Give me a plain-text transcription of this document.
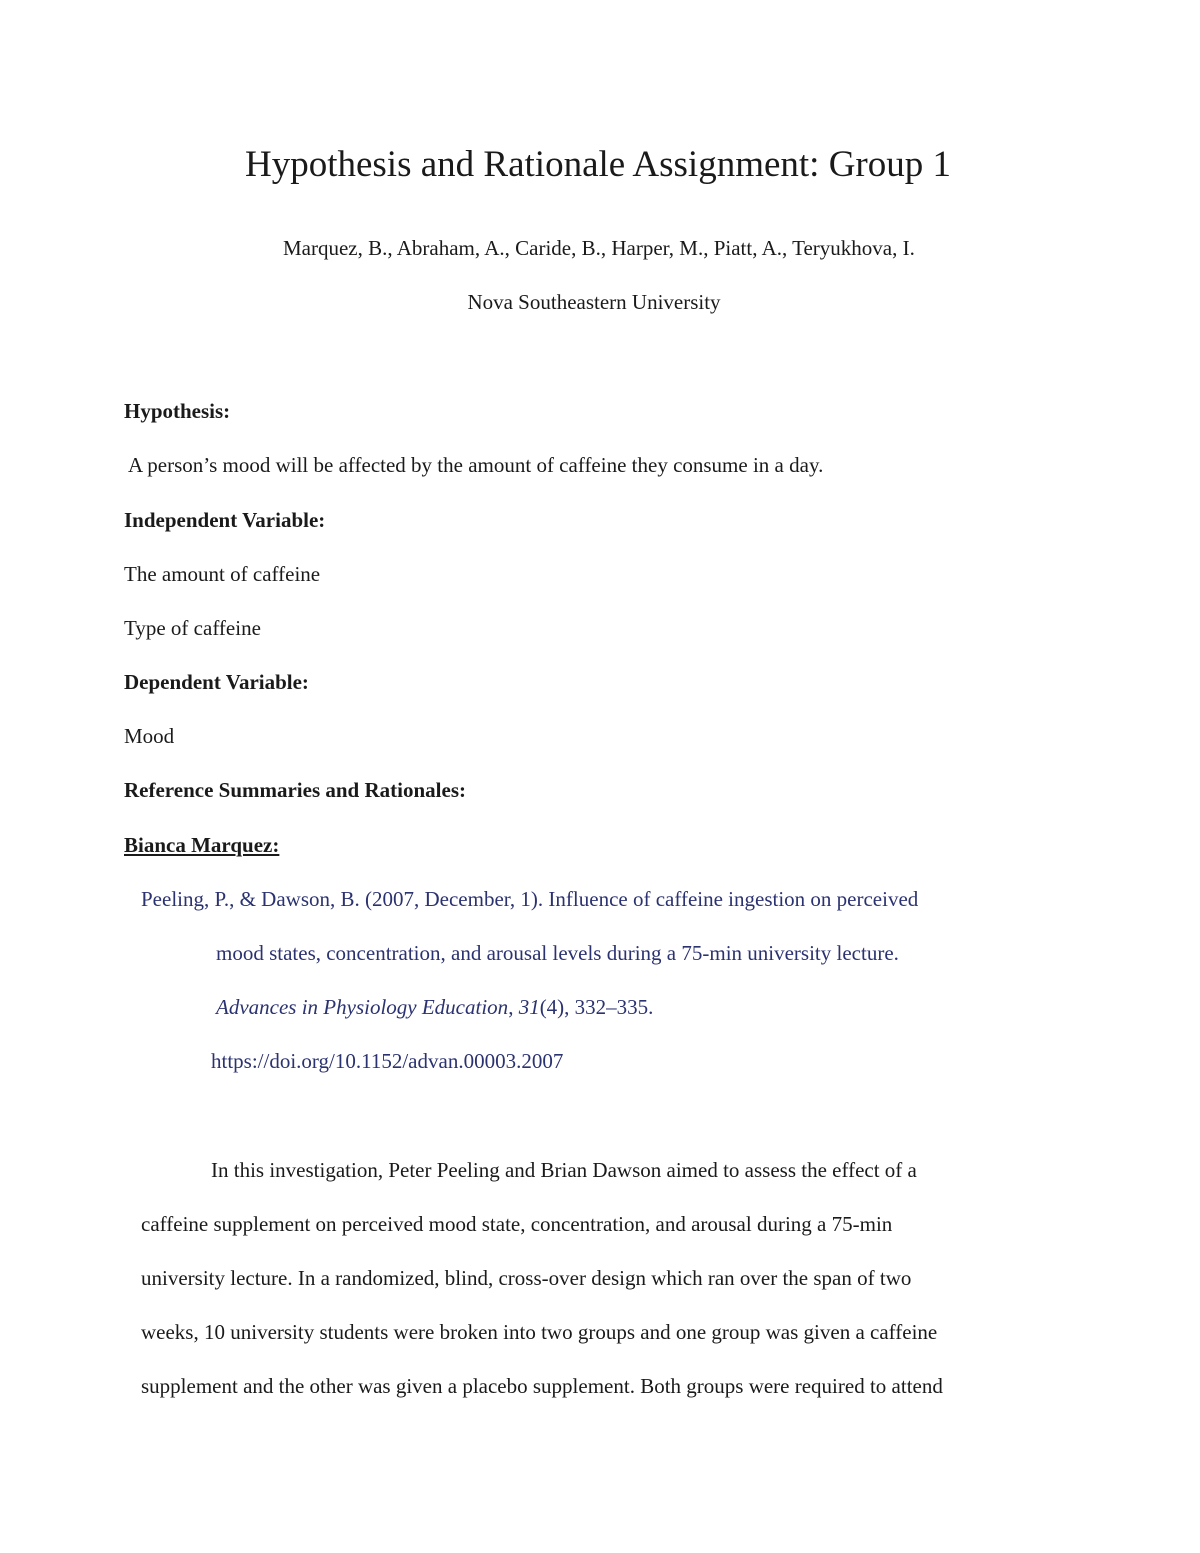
Hypothesis and Rationale Assignment: Group 1
Marquez, B., Abraham, A., Caride, B., Harper, M., Piatt, A., Teryukhova, I.
Nova Southeastern University
Hypothesis:
A person’s mood will be affected by the amount of caffeine they consume in a day.
Independent Variable:
The amount of caffeine
Type of caffeine
Dependent Variable:
Mood
Reference Summaries and Rationales:
Bianca Marquez:
Peeling, P., & Dawson, B. (2007, December, 1). Influence of caffeine ingestion on perceived
mood states, concentration, and arousal levels during a 75-min university lecture.
Advances in Physiology Education, 31(4), 332–335.
https://doi.org/10.1152/advan.00003.2007
In this investigation, Peter Peeling and Brian Dawson aimed to assess the effect of a
caffeine supplement on perceived mood state, concentration, and arousal during a 75-min
university lecture. In a randomized, blind, cross-over design which ran over the span of two
weeks, 10 university students were broken into two groups and one group was given a caffeine
supplement and the other was given a placebo supplement. Both groups were required to attend
